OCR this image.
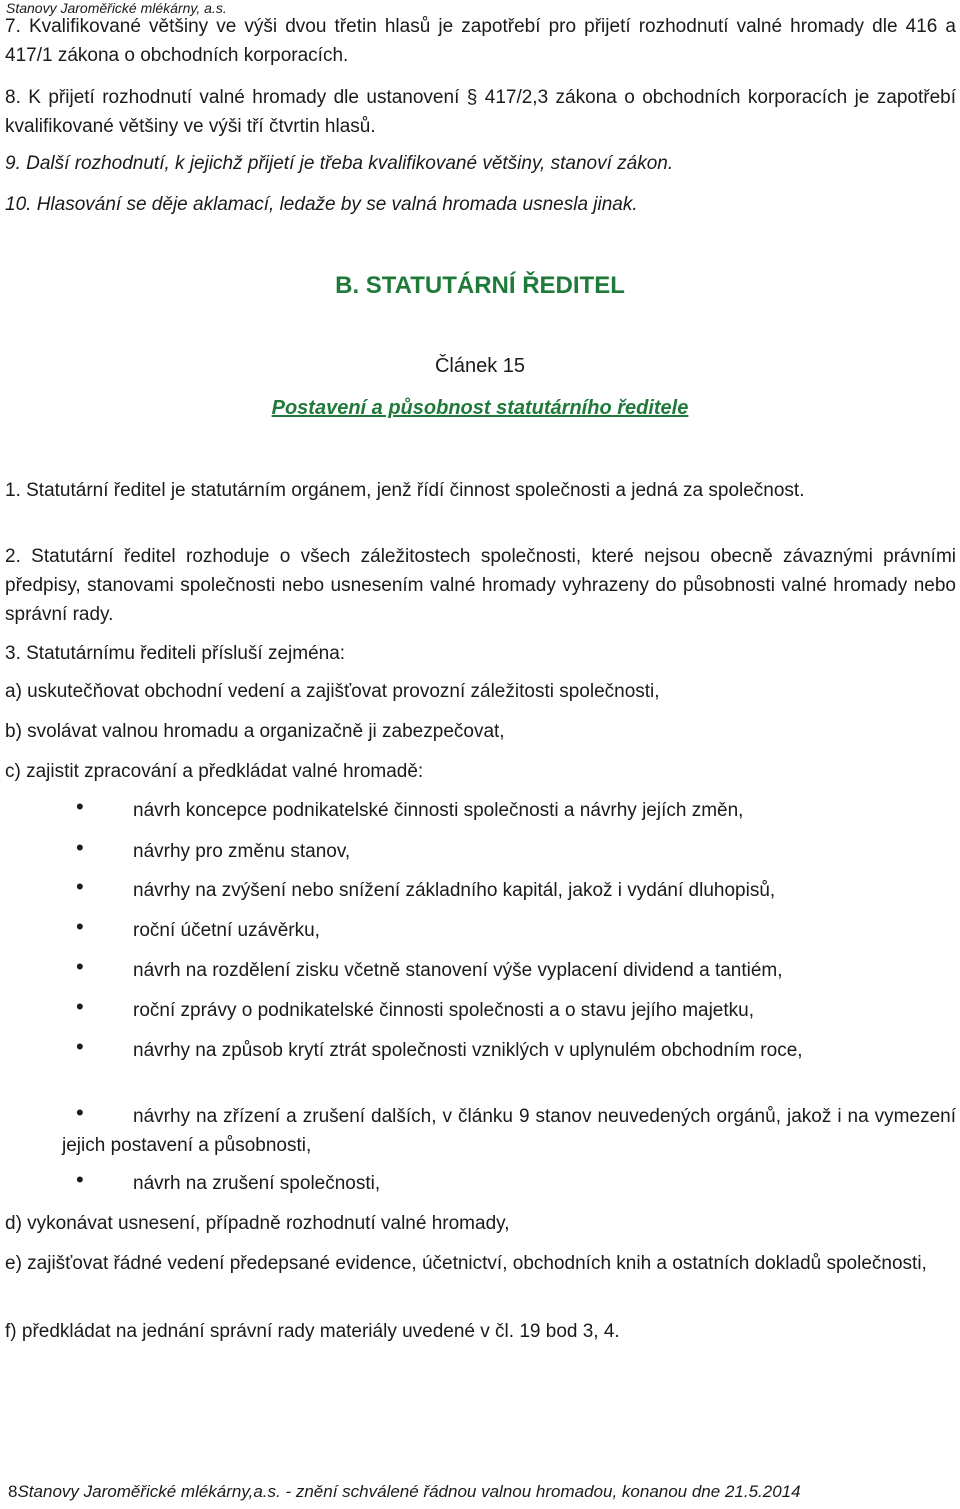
Stanovy Jaroměřické mlékárny, a.s.
7. Kvalifikované většiny ve výši dvou třetin hlasů je zapotřebí pro přijetí rozhodnutí valné hromady dle 416 a 417/1 zákona o obchodních korporacích.
8. K přijetí rozhodnutí valné hromady dle ustanovení § 417/2,3 zákona o obchodních korporacích je zapotřebí kvalifikované většiny ve výši tří čtvrtin hlasů.
9. Další rozhodnutí, k jejichž přijetí je třeba kvalifikované většiny, stanoví zákon.
10. Hlasování se děje aklamací, ledaže by se valná hromada usnesla jinak.
B. STATUTÁRNÍ ŘEDITEL
Článek 15
Postavení a působnost statutárního ředitele
1. Statutární ředitel je statutárním orgánem, jenž řídí činnost společnosti a jedná za společnost.
2. Statutární ředitel rozhoduje o všech záležitostech společnosti, které nejsou obecně závaznými právními předpisy, stanovami společnosti nebo usnesením valné hromady vyhrazeny do působnosti valné hromady nebo správní rady.
3. Statutárnímu řediteli přísluší zejména:
a) uskutečňovat obchodní vedení a zajišťovat provozní záležitosti společnosti,
b) svolávat valnou hromadu a organizačně ji zabezpečovat,
c) zajistit zpracování a předkládat valné hromadě:
•	návrh koncepce podnikatelské činnosti společnosti a návrhy jejích změn,
•	návrhy pro změnu stanov,
•	návrhy na zvýšení nebo snížení základního kapitál, jakož i vydání dluhopisů,
•	roční účetní uzávěrku,
•	návrh na rozdělení zisku včetně stanovení výše vyplacení dividend a tantiém,
•	roční zprávy o podnikatelské činnosti společnosti a o stavu jejího majetku,
•	návrhy na způsob krytí ztrát společnosti vzniklých v uplynulém obchodním roce,
•	návrhy na zřízení a zrušení dalších, v článku 9 stanov neuvedených orgánů, jakož i na vymezení jejich postavení a působnosti,
•	návrh na zrušení společnosti,
d) vykonávat usnesení, případně rozhodnutí valné hromady,
e) zajišťovat řádné vedení předepsané evidence, účetnictví, obchodních knih a ostatních dokladů společnosti,
f) předkládat na jednání správní rady materiály uvedené v čl. 19 bod 3, 4.
8Stanovy Jaroměřické mlékárny,a.s. - znění schválené řádnou valnou hromadou, konanou dne 21.5.2014
